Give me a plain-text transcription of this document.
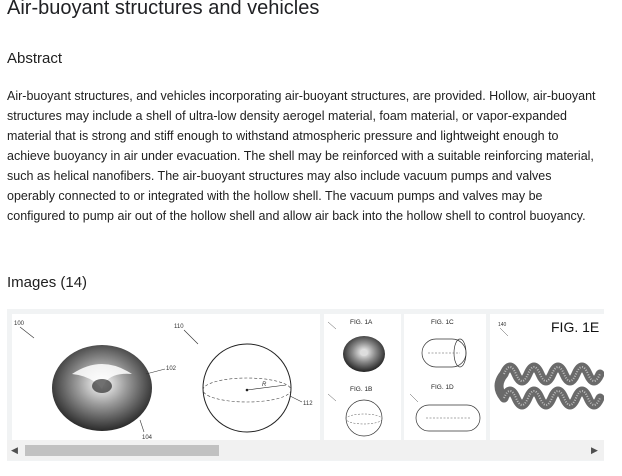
Air-buoyant structures and vehicles
Abstract

Air-buoyant structures, and vehicles incorporating air-buoyant structures, are provided. Hollow, air-buoyant structures may include a shell of ultra-low density aerogel material, foam material, or vapor-expanded material that is strong and stiff enough to withstand atmospheric pressure and lightweight enough to achieve buoyancy in air under evacuation. The shell may be reinforced with a suitable reinforcing material, such as helical nanofibers. The air-buoyant structures may also include vacuum pumps and valves operably connected to or integrated with the hollow shell. The vacuum pumps and valves may be configured to pump air out of the hollow shell and allow air back into the hollow shell to control buoyancy.

Images (14)
100	110
102
104
R
112
FIG. 1A
FIG. 1B
FIG. 1C
FIG. 1D
FIG. 1E
140
◀	▶
